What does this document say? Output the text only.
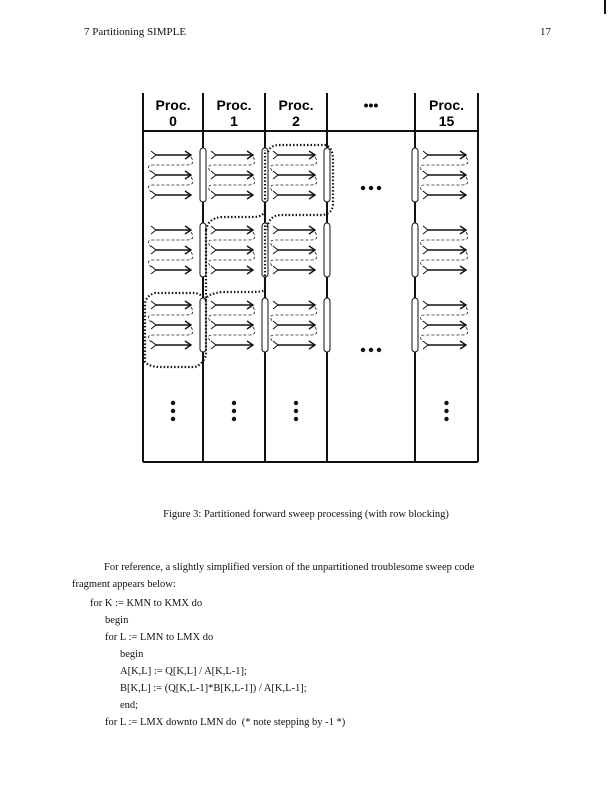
7 Partitioning SIMPLE	17
Proc.
0
Proc.
1
Proc.
2
•••	Proc.
15
Figure 3: Partitioned forward sweep processing (with row blocking)
For reference, a slightly simplified version of the unpartitioned troublesome sweep code
fragment appears below:
for K := KMN to KMX do
begin
for L := LMN to LMX do
begin
A[K,L] := Q[K,L] / A[K,L-1];
B[K,L] := (Q[K,L-1]*B[K,L-1]) / A[K,L-1];
end;
for L := LMX downto LMN do  (* note stepping by -1 *)
